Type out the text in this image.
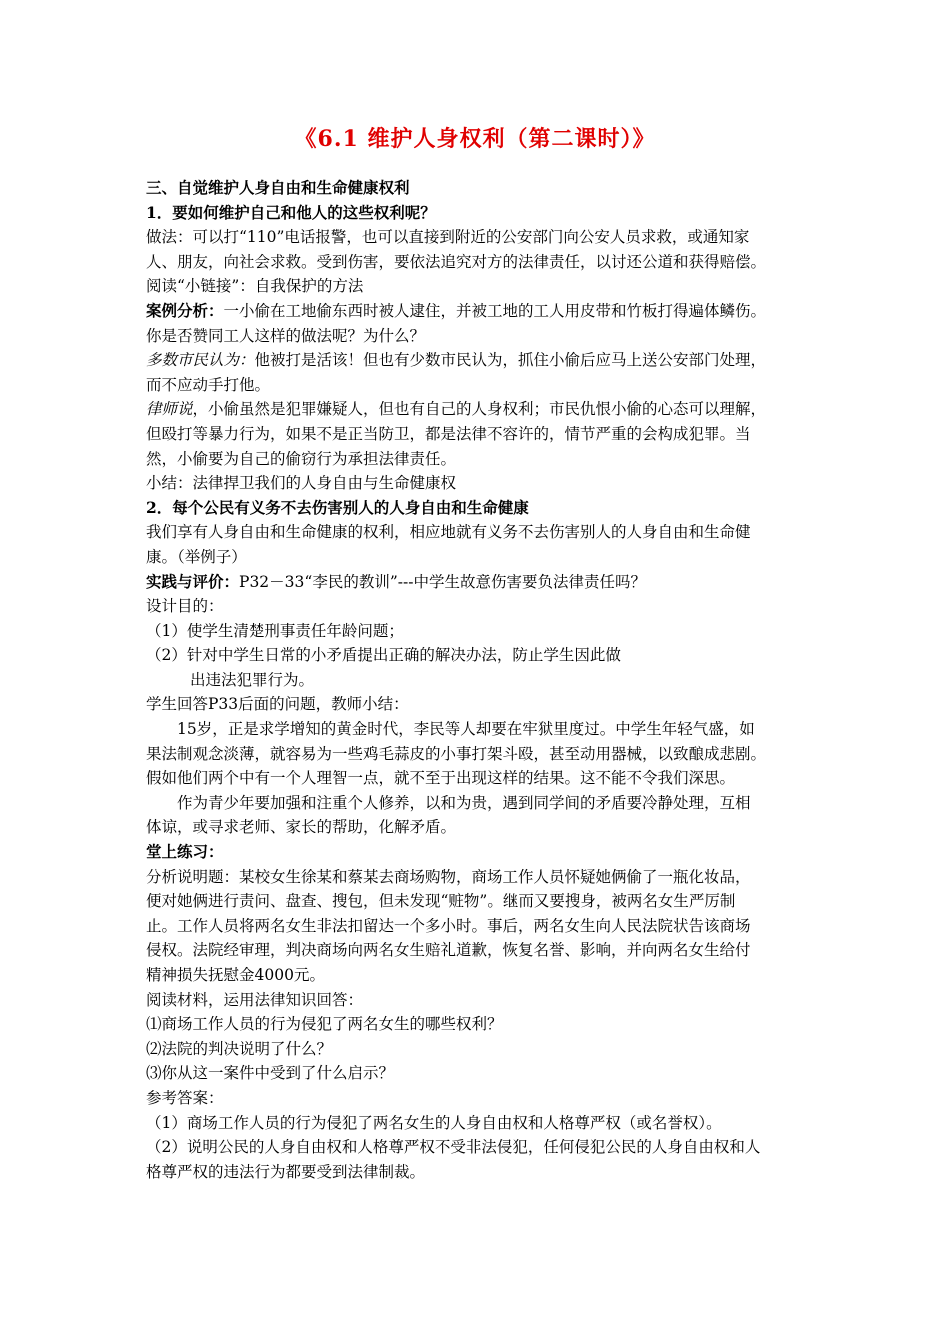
《6.1 维护人身权利（第二课时）》

三、自觉维护人身自由和生命健康权利

1．要如何维护自己和他人的这些权利呢？

做法：可以打“110”电话报警，也可以直接到附近的公安部门向公安人员求救，或通知家

人、朋友，向社会求救。受到伤害，要依法追究对方的法律责任，以讨还公道和获得赔偿。

阅读“小链接”：自我保护的方法

案例分析：一小偷在工地偷东西时被人逮住，并被工地的工人用皮带和竹板打得遍体鳞伤。

你是否赞同工人这样的做法呢？为什么？

多数市民认为：他被打是活该！但也有少数市民认为，抓住小偷后应马上送公安部门处理，

而不应动手打他。

律师说，小偷虽然是犯罪嫌疑人，但也有自己的人身权利；市民仇恨小偷的心态可以理解，

但殴打等暴力行为，如果不是正当防卫，都是法律不容许的，情节严重的会构成犯罪。当

然，小偷要为自己的偷窃行为承担法律责任。

小结：法律捍卫我们的人身自由与生命健康权

2．每个公民有义务不去伤害别人的人身自由和生命健康

我们享有人身自由和生命健康的权利，相应地就有义务不去伤害别人的人身自由和生命健

康。（举例子）

实践与评价：P32－33“李民的教训”---中学生故意伤害要负法律责任吗？

设计目的：

（1）使学生清楚刑事责任年龄问题；

（2）针对中学生日常的小矛盾提出正确的解决办法，防止学生因此做

出违法犯罪行为。

学生回答P33后面的问题，教师小结：

15岁，正是求学增知的黄金时代，李民等人却要在牢狱里度过。中学生年轻气盛，如

果法制观念淡薄，就容易为一些鸡毛蒜皮的小事打架斗殴，甚至动用器械，以致酿成悲剧。

假如他们两个中有一个人理智一点，就不至于出现这样的结果。这不能不令我们深思。

作为青少年要加强和注重个人修养，以和为贵，遇到同学间的矛盾要冷静处理，互相

体谅，或寻求老师、家长的帮助，化解矛盾。

堂上练习：

分析说明题：某校女生徐某和蔡某去商场购物，商场工作人员怀疑她俩偷了一瓶化妆品，

便对她俩进行责问、盘查、搜包，但未发现“赃物”。继而又要搜身，被两名女生严厉制

止。工作人员将两名女生非法扣留达一个多小时。事后，两名女生向人民法院状告该商场

侵权。法院经审理，判决商场向两名女生赔礼道歉，恢复名誉、影响，并向两名女生给付

精神损失抚慰金4000元。

阅读材料，运用法律知识回答：

⑴商场工作人员的行为侵犯了两名女生的哪些权利？

⑵法院的判决说明了什么？

⑶你从这一案件中受到了什么启示？

参考答案：

（1）商场工作人员的行为侵犯了两名女生的人身自由权和人格尊严权（或名誉权）。

（2）说明公民的人身自由权和人格尊严权不受非法侵犯，任何侵犯公民的人身自由权和人

格尊严权的违法行为都要受到法律制裁。
